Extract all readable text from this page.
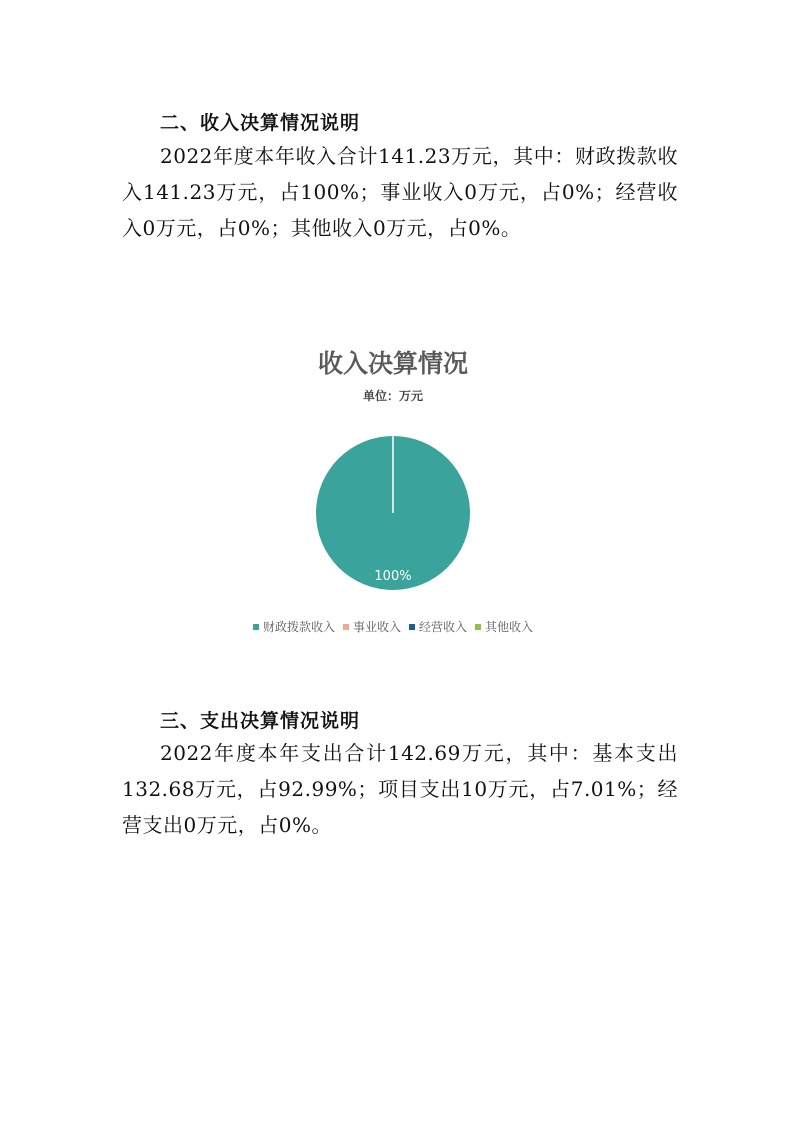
二、收入决算情况说明
2022年度本年收入合计141.23万元，其中：财政拨款收入141.23万元，占100%；事业收入0万元，占0%；经营收入0万元，占0%；其他收入0万元，占0%。
收入决算情况
单位：万元
100%
财政拨款收入 事业收入 经营收入 其他收入
三、支出决算情况说明
2022年度本年支出合计142.69万元，其中：基本支出132.68万元，占92.99%；项目支出10万元，占7.01%；经营支出0万元，占0%。
